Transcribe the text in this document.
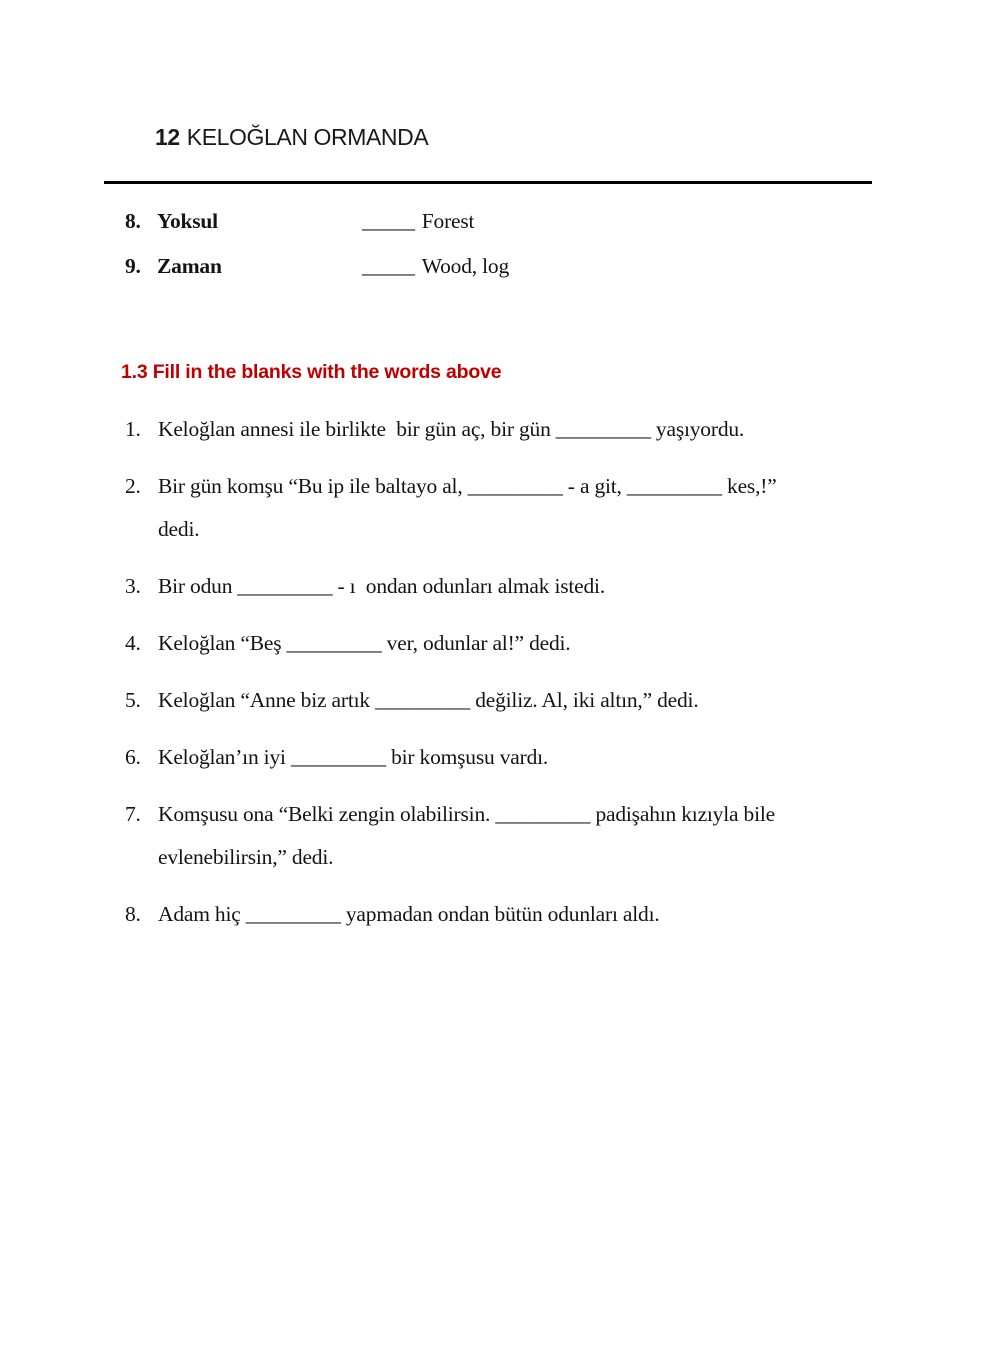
12 KELOĞLAN ORMANDA

8. Yoksul	_____ Forest
9. Zaman	_____ Wood, log
1.3 Fill in the blanks with the words above
1. Keloğlan annesi ile birlikte  bir gün aç, bir gün _________ yaşıyordu.
2. Bir gün komşu “Bu ip ile baltayo al, _________ - a git, _________ kes,!”
dedi.
3. Bir odun _________ - ı  ondan odunları almak istedi.
4. Keloğlan “Beş _________ ver, odunlar al!” dedi.
5. Keloğlan “Anne biz artık _________ değiliz. Al, iki altın,” dedi.
6. Keloğlan’ın iyi _________ bir komşusu vardı.
7. Komşusu ona “Belki zengin olabilirsin. _________ padişahın kızıyla bile
evlenebilirsin,” dedi.
8. Adam hiç _________ yapmadan ondan bütün odunları aldı.
